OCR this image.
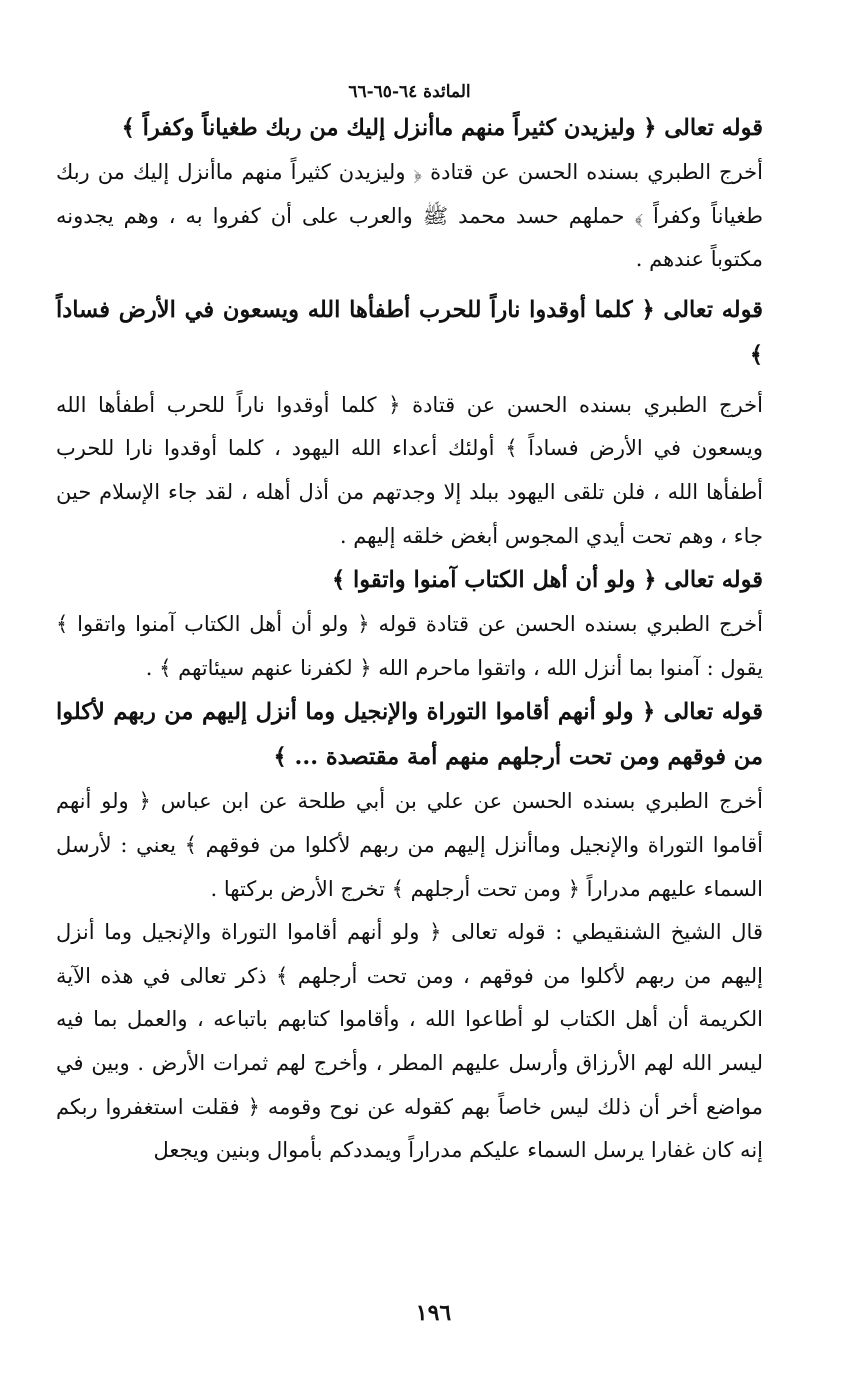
المائدة ٦٤-٦٥-٦٦

قوله تعالى ﴿ وليزيدن كثيراً منهم ماأنزل إليك من ربك طغياناً وكفراً ﴾

أخرج الطبري بسنده الحسن عن قتادة ﴿ وليزيدن كثيراً منهم ماأنزل إليك من ربك طغياناً وكفراً ﴾ حملهم حسد محمد ﷺ والعرب على أن كفروا به ، وهم يجدونه مكتوباً عندهم .

قوله تعالى ﴿ كلما أوقدوا ناراً للحرب أطفأها الله ويسعون في الأرض فساداً ﴾

أخرج الطبري بسنده الحسن عن قتادة ﴿ كلما أوقدوا ناراً للحرب أطفأها الله ويسعون في الأرض فساداً ﴾ أولئك أعداء الله اليهود ، كلما أوقدوا نارا للحرب أطفأها الله ، فلن تلقى اليهود ببلد إلا وجدتهم من أذل أهله ، لقد جاء الإسلام حين جاء ، وهم تحت أيدي المجوس أبغض خلقه إليهم .

قوله تعالى ﴿ ولو أن أهل الكتاب آمنوا واتقوا ﴾

أخرج الطبري بسنده الحسن عن قتادة قوله ﴿ ولو أن أهل الكتاب آمنوا واتقوا ﴾ يقول : آمنوا بما أنزل الله ، واتقوا ماحرم الله ﴿ لكفرنا عنهم سيئاتهم ﴾ .

قوله تعالى ﴿ ولو أنهم أقاموا التوراة والإنجيل وما أنزل إليهم من ربهم لأكلوا من فوقهم ومن تحت أرجلهم منهم أمة مقتصدة ... ﴾

أخرج الطبري بسنده الحسن عن علي بن أبي طلحة عن ابن عباس ﴿ ولو أنهم أقاموا التوراة والإنجيل وماأنزل إليهم من ربهم لأكلوا من فوقهم ﴾ يعني : لأرسل السماء عليهم مدراراً ﴿ ومن تحت أرجلهم ﴾ تخرج الأرض بركتها .

قال الشيخ الشنقيطي : قوله تعالى ﴿ ولو أنهم أقاموا التوراة والإنجيل وما أنزل إليهم من ربهم لأكلوا من فوقهم ، ومن تحت أرجلهم ﴾ ذكر تعالى في هذه الآية الكريمة أن أهل الكتاب لو أطاعوا الله ، وأقاموا كتابهم باتباعه ، والعمل بما فيه ليسر الله لهم الأرزاق وأرسل عليهم المطر ، وأخرج لهم ثمرات الأرض . وبين في مواضع أخر أن ذلك ليس خاصاً بهم كقوله عن نوح وقومه ﴿ فقلت استغفروا ربكم إنه كان غفارا يرسل السماء عليكم مدراراً ويمددكم بأموال وبنين ويجعل

١٩٦
